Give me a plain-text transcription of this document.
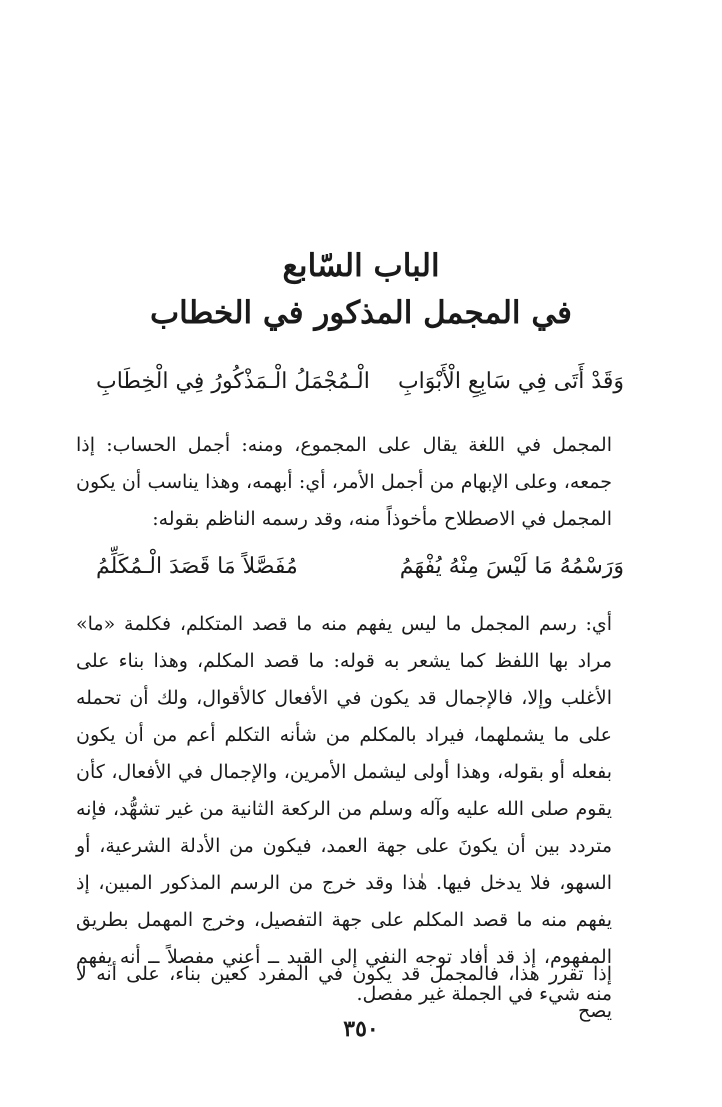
الباب السّابع
في المجمل المذكور في الخطاب
وَقَدْ أَتَى فِي سَابِعِ الْأَبْوَابِ
الْـمُجْمَلُ الْـمَذْكُورُ فِي الْخِطَابِ

المجمل في اللغة يقال على المجموع، ومنه: أجمل الحساب: إذا جمعه، وعلى الإبهام من أجمل الأمر، أي: أبهمه، وهذا يناسب أن يكون المجمل في الاصطلاح مأخوذاً منه، وقد رسمه الناظم بقوله:

وَرَسْمُهُ مَا لَيْسَ مِنْهُ يُفْهَمُ
مُفَصَّلاً مَا قَصَدَ الْـمُكَلِّمُ

أي: رسم المجمل ما ليس يفهم منه ما قصد المتكلم، فكلمة «ما» مراد بها اللفظ كما يشعر به قوله: ما قصد المكلم، وهذا بناء على الأغلب وإلا، فالإجمال قد يكون في الأفعال كالأقوال، ولك أن تحمله على ما يشملهما، فيراد بالمكلم من شأنه التكلم أعم من أن يكون بفعله أو بقوله، وهذا أولى ليشمل الأمرين، والإجمال في الأفعال، كأن يقوم صلى الله عليه وآله وسلم من الركعة الثانية من غير تشهُّد، فإنه متردد بين أن يكونَ على جهة العمد، فيكون من الأدلة الشرعية، أو السهو، فلا يدخل فيها. هٰذا وقد خرج من الرسم المذكور المبين، إذ يفهم منه ما قصد المكلم على جهة التفصيل، وخرج المهمل بطريق المفهوم، إذ قد أفاد توجه النفي إلى القيد ــ أعني مفصلاً ــ أنه يفهم منه شيء في الجملة غير مفصل.

إذا تقرر هذا، فالمجمل قد يكون في المفرد كعين بناء، على أنه لا يصح

٣٥٠
